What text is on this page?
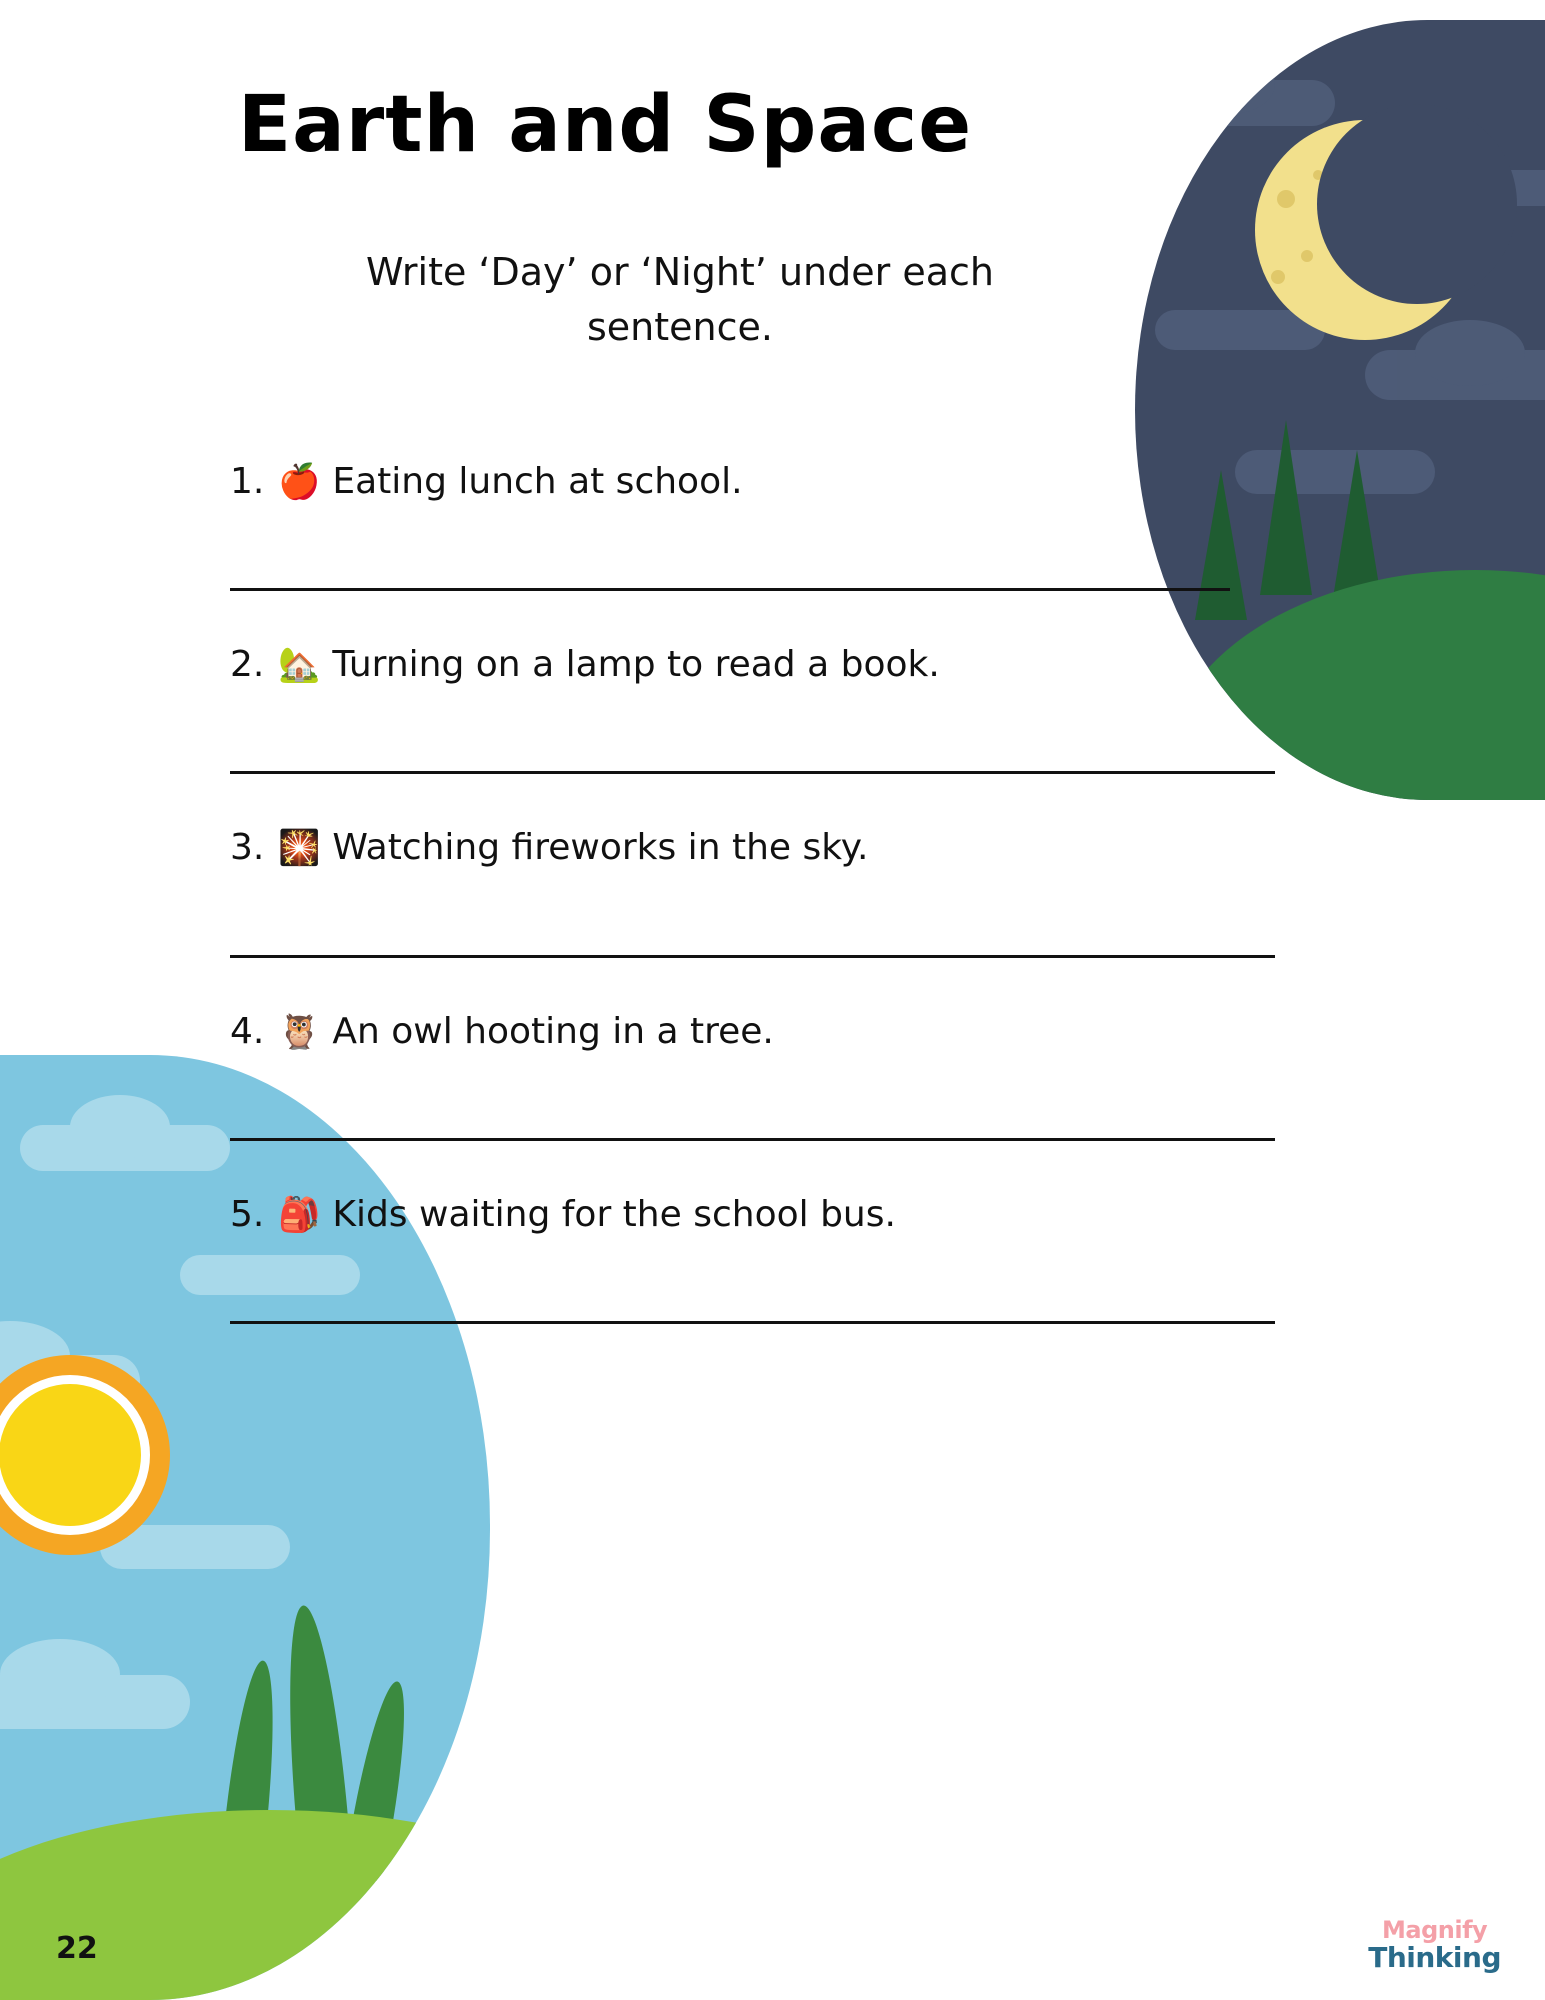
Earth and Space
Write ‘Day’ or ‘Night’ under each sentence.
1. 🍎 Eating lunch at school.
2. 🏡 Turning on a lamp to read a book.
3. 🎇 Watching fireworks in the sky.
4. 🦉 An owl hooting in a tree.
5. 🎒 Kids waiting for the school bus.
22
Magnify
Thinking
